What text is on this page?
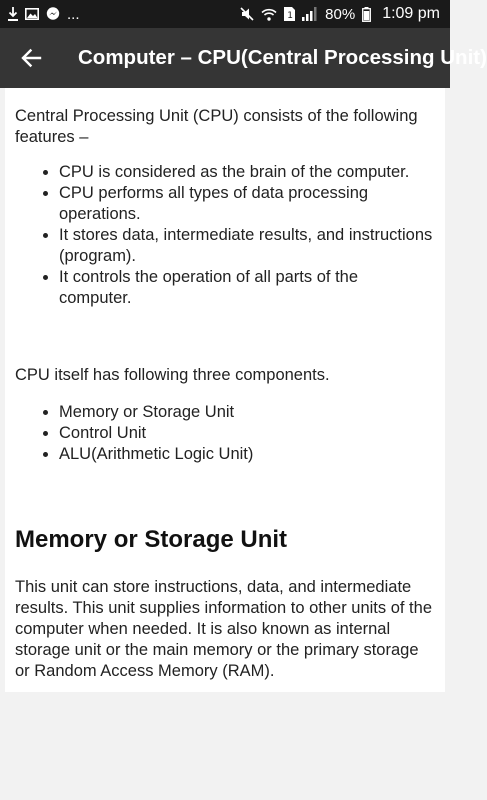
...	1 80% 1:09 pm
Computer – CPU(Central Processing Unit)

Central Processing Unit (CPU) consists of the following features –

• CPU is considered as the brain of the computer.
• CPU performs all types of data processing operations.
• It stores data, intermediate results, and instructions (program).
• It controls the operation of all parts of the computer.

CPU itself has following three components.

• Memory or Storage Unit
• Control Unit
• ALU(Arithmetic Logic Unit)
Memory or Storage Unit

This unit can store instructions, data, and intermediate results. This unit supplies information to other units of the computer when needed. It is also known as internal storage unit or the main memory or the primary storage or Random Access Memory (RAM).
